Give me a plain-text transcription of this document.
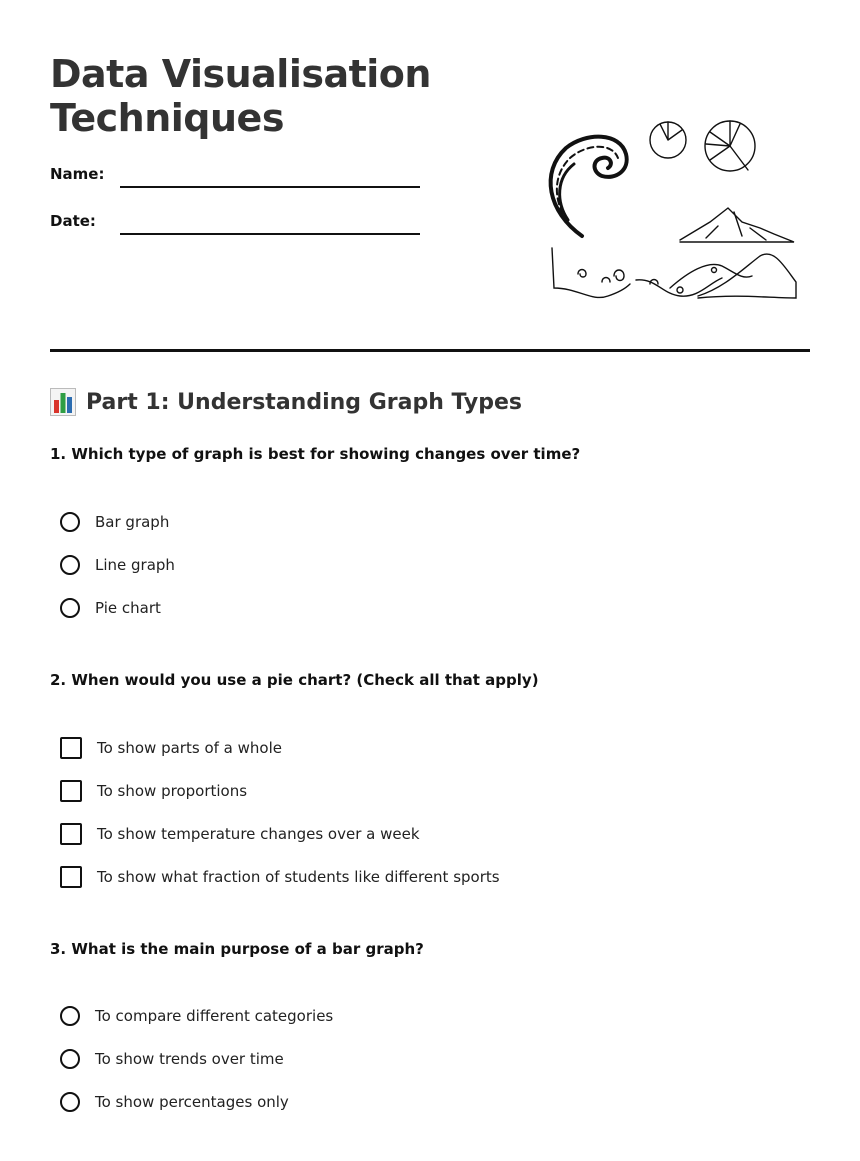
Data Visualisation
Techniques
Name:
Date:
Part 1: Understanding Graph Types

1. Which type of graph is best for showing changes over time?

Bar graph
Line graph
Pie chart

2. When would you use a pie chart? (Check all that apply)

To show parts of a whole
To show proportions
To show temperature changes over a week
To show what fraction of students like different sports

3. What is the main purpose of a bar graph?

To compare different categories
To show trends over time
To show percentages only
